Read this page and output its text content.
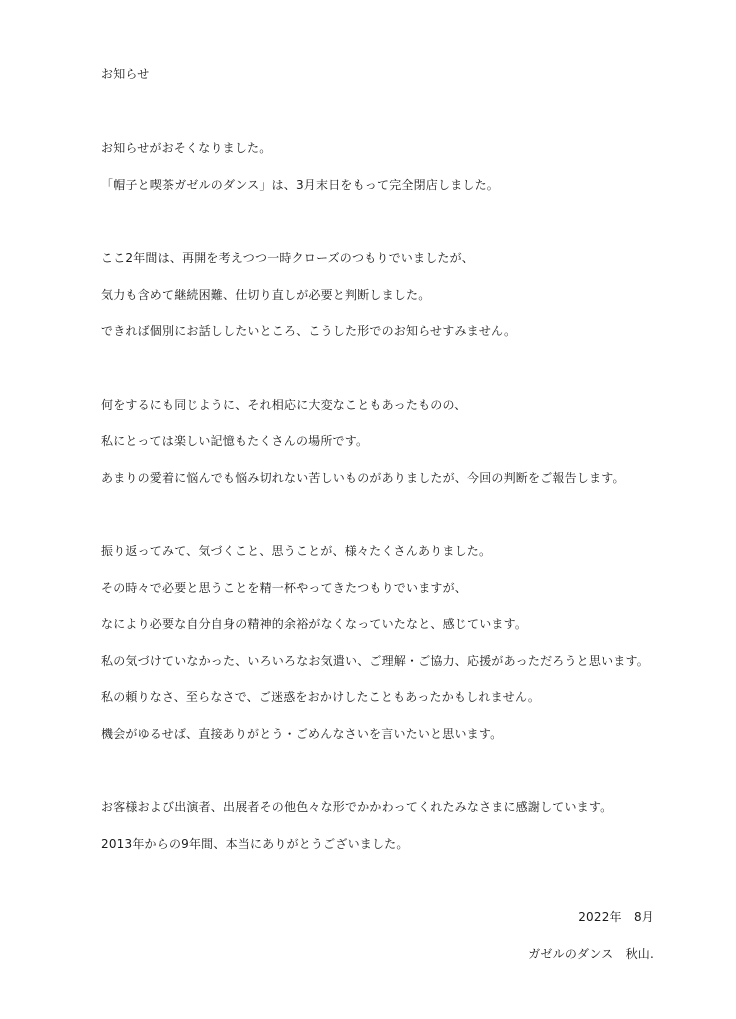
お知らせ
お知らせがおそくなりました。
「帽子と喫茶ガゼルのダンス」は、3月末日をもって完全閉店しました。
ここ2年間は、再開を考えつつ一時クローズのつもりでいましたが、
気力も含めて継続困難、仕切り直しが必要と判断しました。
できれば個別にお話ししたいところ、こうした形でのお知らせすみません。
何をするにも同じように、それ相応に大変なこともあったものの、
私にとっては楽しい記憶もたくさんの場所です。
あまりの愛着に悩んでも悩み切れない苦しいものがありましたが、今回の判断をご報告します。
振り返ってみて、気づくこと、思うことが、様々たくさんありました。
その時々で必要と思うことを精一杯やってきたつもりでいますが、
なにより必要な自分自身の精神的余裕がなくなっていたなと、感じています。
私の気づけていなかった、いろいろなお気遣い、ご理解・ご協力、応援があっただろうと思います。
私の頼りなさ、至らなさで、ご迷惑をおかけしたこともあったかもしれません。
機会がゆるせば、直接ありがとう・ごめんなさいを言いたいと思います。
お客様および出演者、出展者その他色々な形でかかわってくれたみなさまに感謝しています。
2013年からの9年間、本当にありがとうございました。
2022年　8月
ガゼルのダンス　秋山.
